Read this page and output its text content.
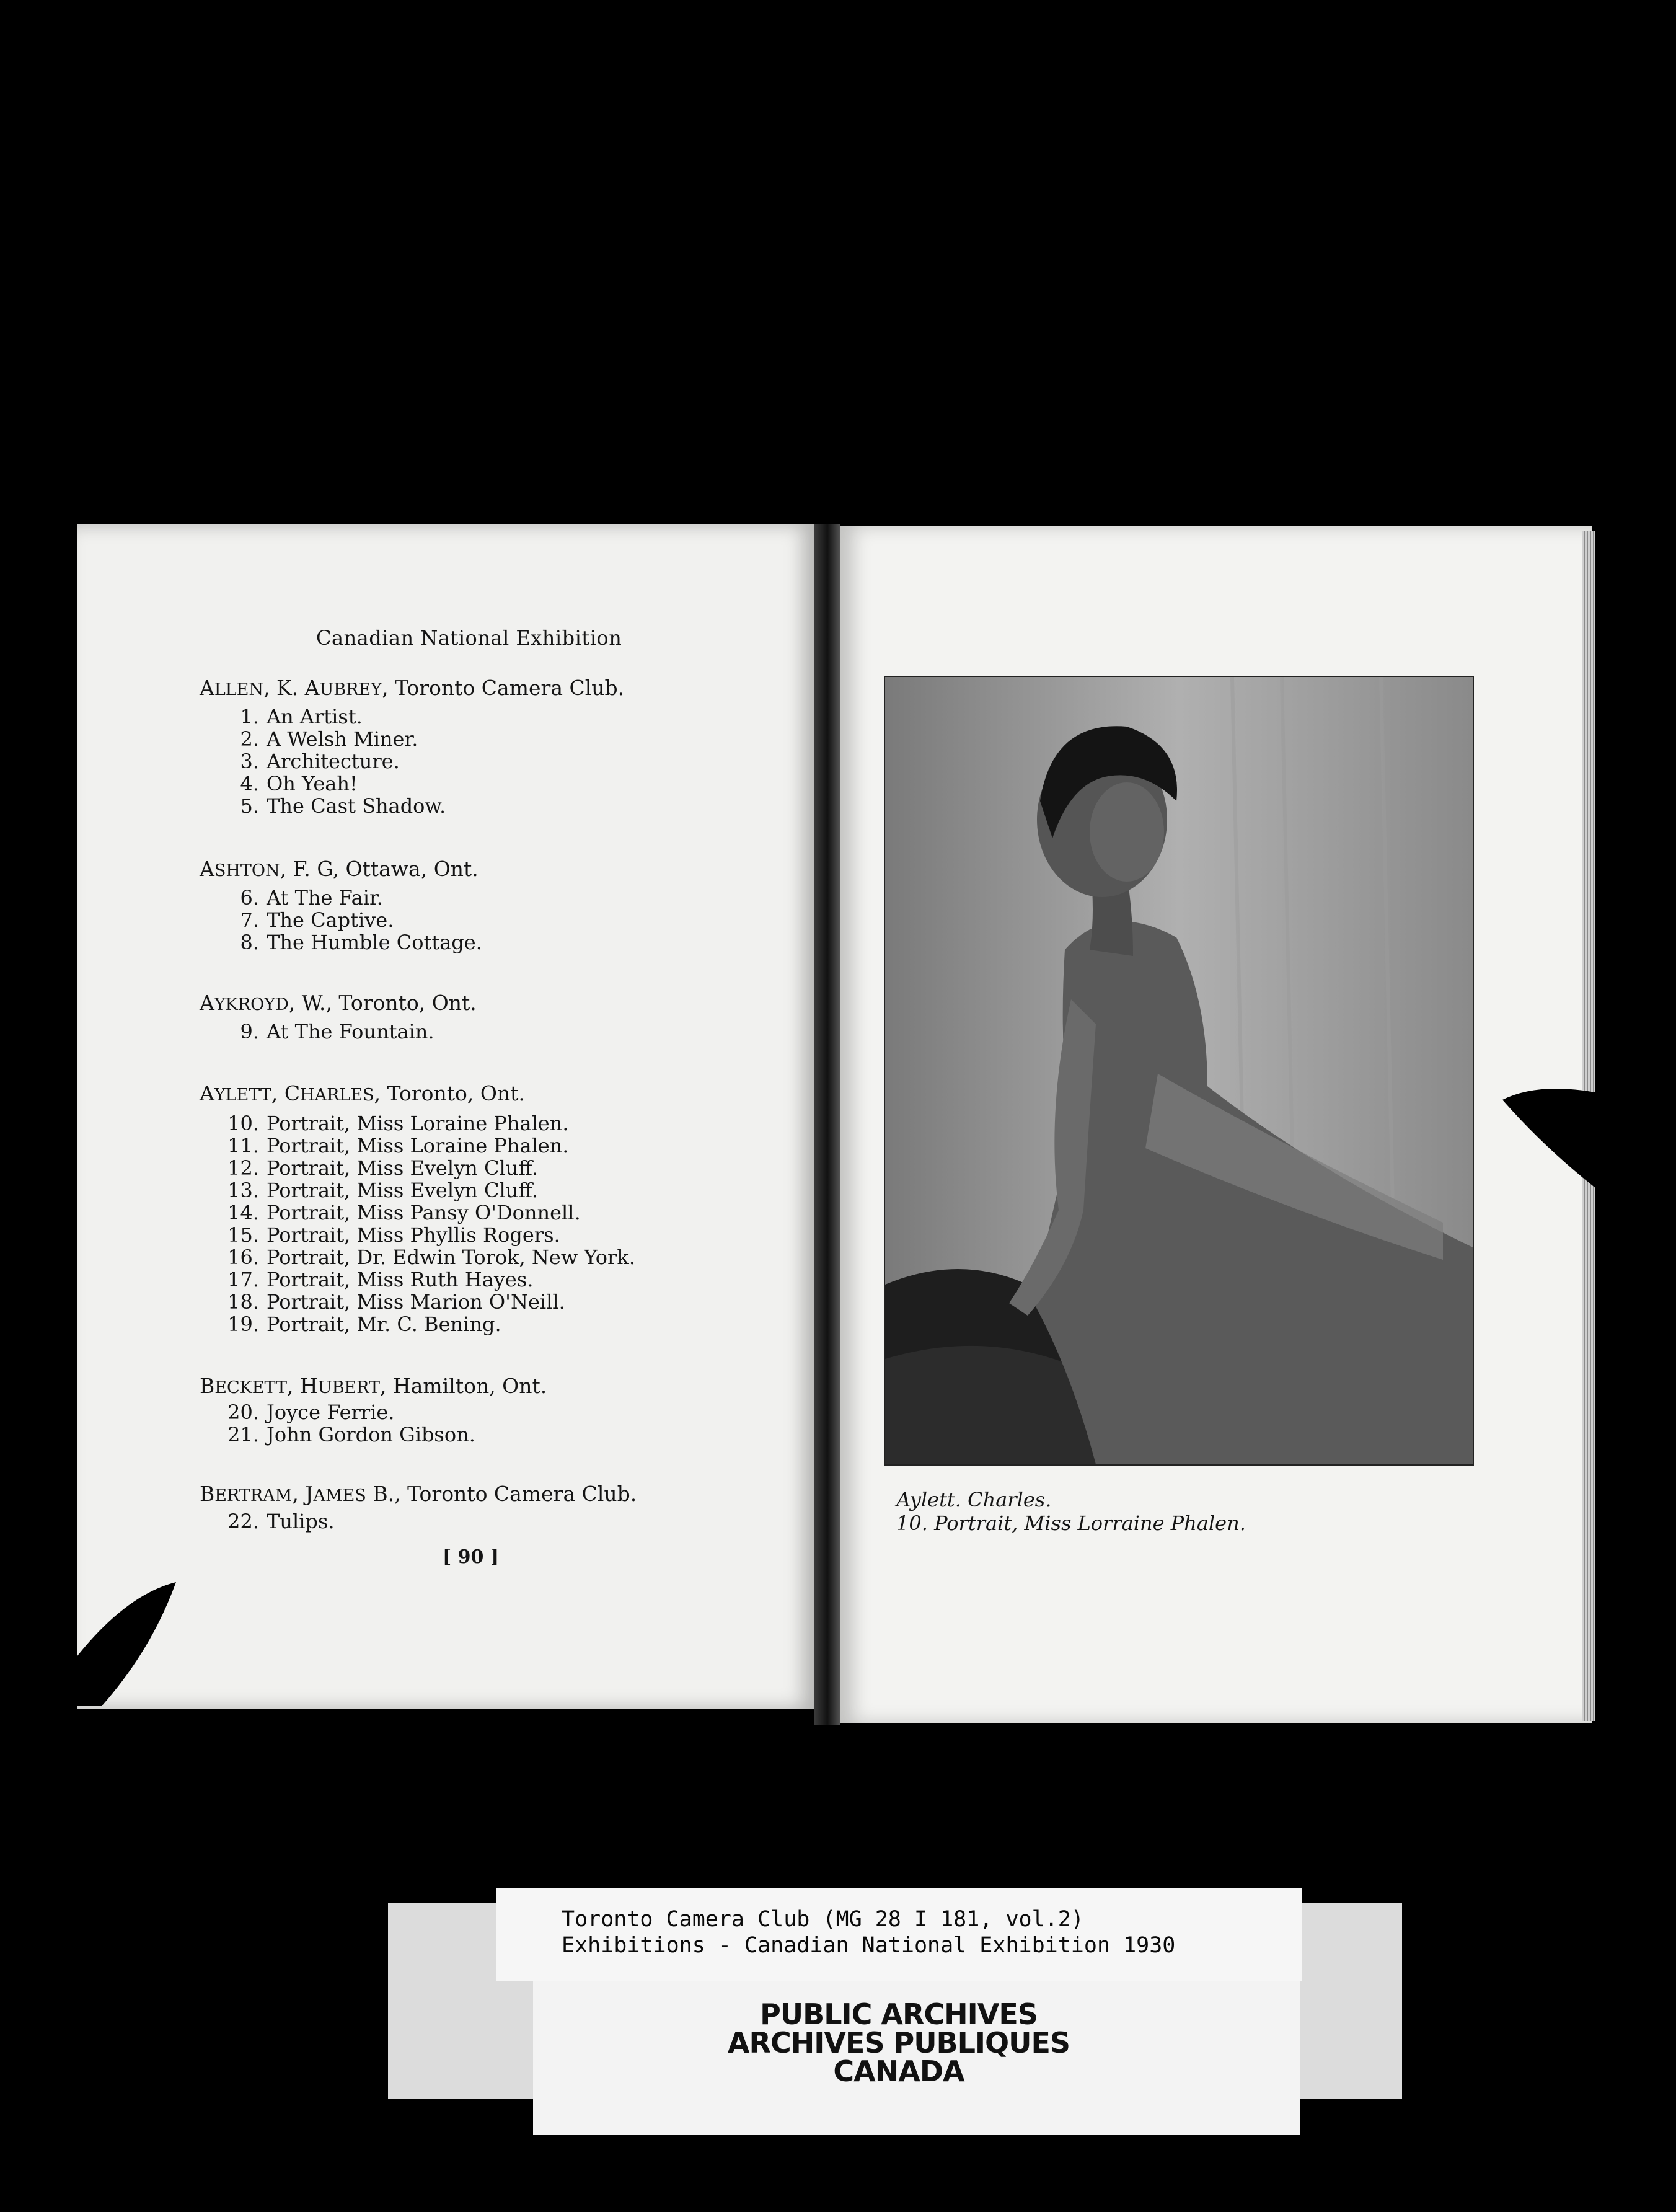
Canadian National Exhibition
ALLEN, K. AUBREY, Toronto Camera Club.
1. An Artist.
2. A Welsh Miner.
3. Architecture.
4. Oh Yeah!
5. The Cast Shadow.
ASHTON, F. G, Ottawa, Ont.
6. At The Fair.
7. The Captive.
8. The Humble Cottage.
AYKROYD, W., Toronto, Ont.
9. At The Fountain.
AYLETT, CHARLES, Toronto, Ont.
10. Portrait, Miss Loraine Phalen.
11. Portrait, Miss Loraine Phalen.
12. Portrait, Miss Evelyn Cluff.
13. Portrait, Miss Evelyn Cluff.
14. Portrait, Miss Pansy O'Donnell.
15. Portrait, Miss Phyllis Rogers.
16. Portrait, Dr. Edwin Torok, New York.
17. Portrait, Miss Ruth Hayes.
18. Portrait, Miss Marion O'Neill.
19. Portrait, Mr. C. Bening.
BECKETT, HUBERT, Hamilton, Ont.
20. Joyce Ferrie.
21. John Gordon Gibson.
BERTRAM, JAMES B., Toronto Camera Club.
22. Tulips.
[ 90 ]
Aylett. Charles.
10. Portrait, Miss Lorraine Phalen.
Toronto Camera Club (MG 28 I 181, vol.2)
Exhibitions - Canadian National Exhibition 1930
PUBLIC ARCHIVES
ARCHIVES PUBLIQUES
CANADA
